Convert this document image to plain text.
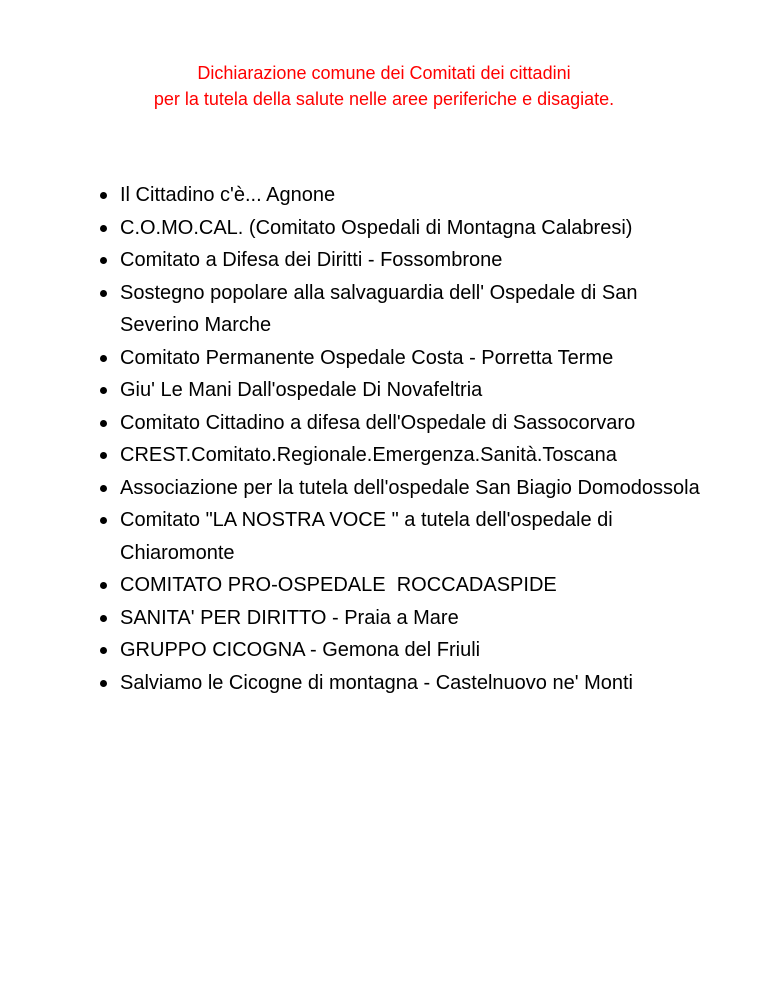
Dichiarazione comune dei Comitati dei cittadini
per la tutela della salute nelle aree periferiche e disagiate.
Il Cittadino c'è... Agnone
C.O.MO.CAL. (Comitato Ospedali di Montagna Calabresi)
Comitato a Difesa dei Diritti - Fossombrone
Sostegno popolare alla salvaguardia dell' Ospedale di San Severino Marche
Comitato Permanente Ospedale Costa - Porretta Terme
Giu' Le Mani Dall'ospedale Di Novafeltria
Comitato Cittadino a difesa dell'Ospedale di Sassocorvaro
CREST.Comitato.Regionale.Emergenza.Sanità.Toscana
Associazione per la tutela dell'ospedale San Biagio Domodossola
Comitato "LA NOSTRA VOCE " a tutela dell'ospedale di Chiaromonte
COMITATO PRO-OSPEDALE  ROCCADASPIDE
SANITA' PER DIRITTO - Praia a Mare
GRUPPO CICOGNA - Gemona del Friuli
Salviamo le Cicogne di montagna - Castelnuovo ne' Monti
